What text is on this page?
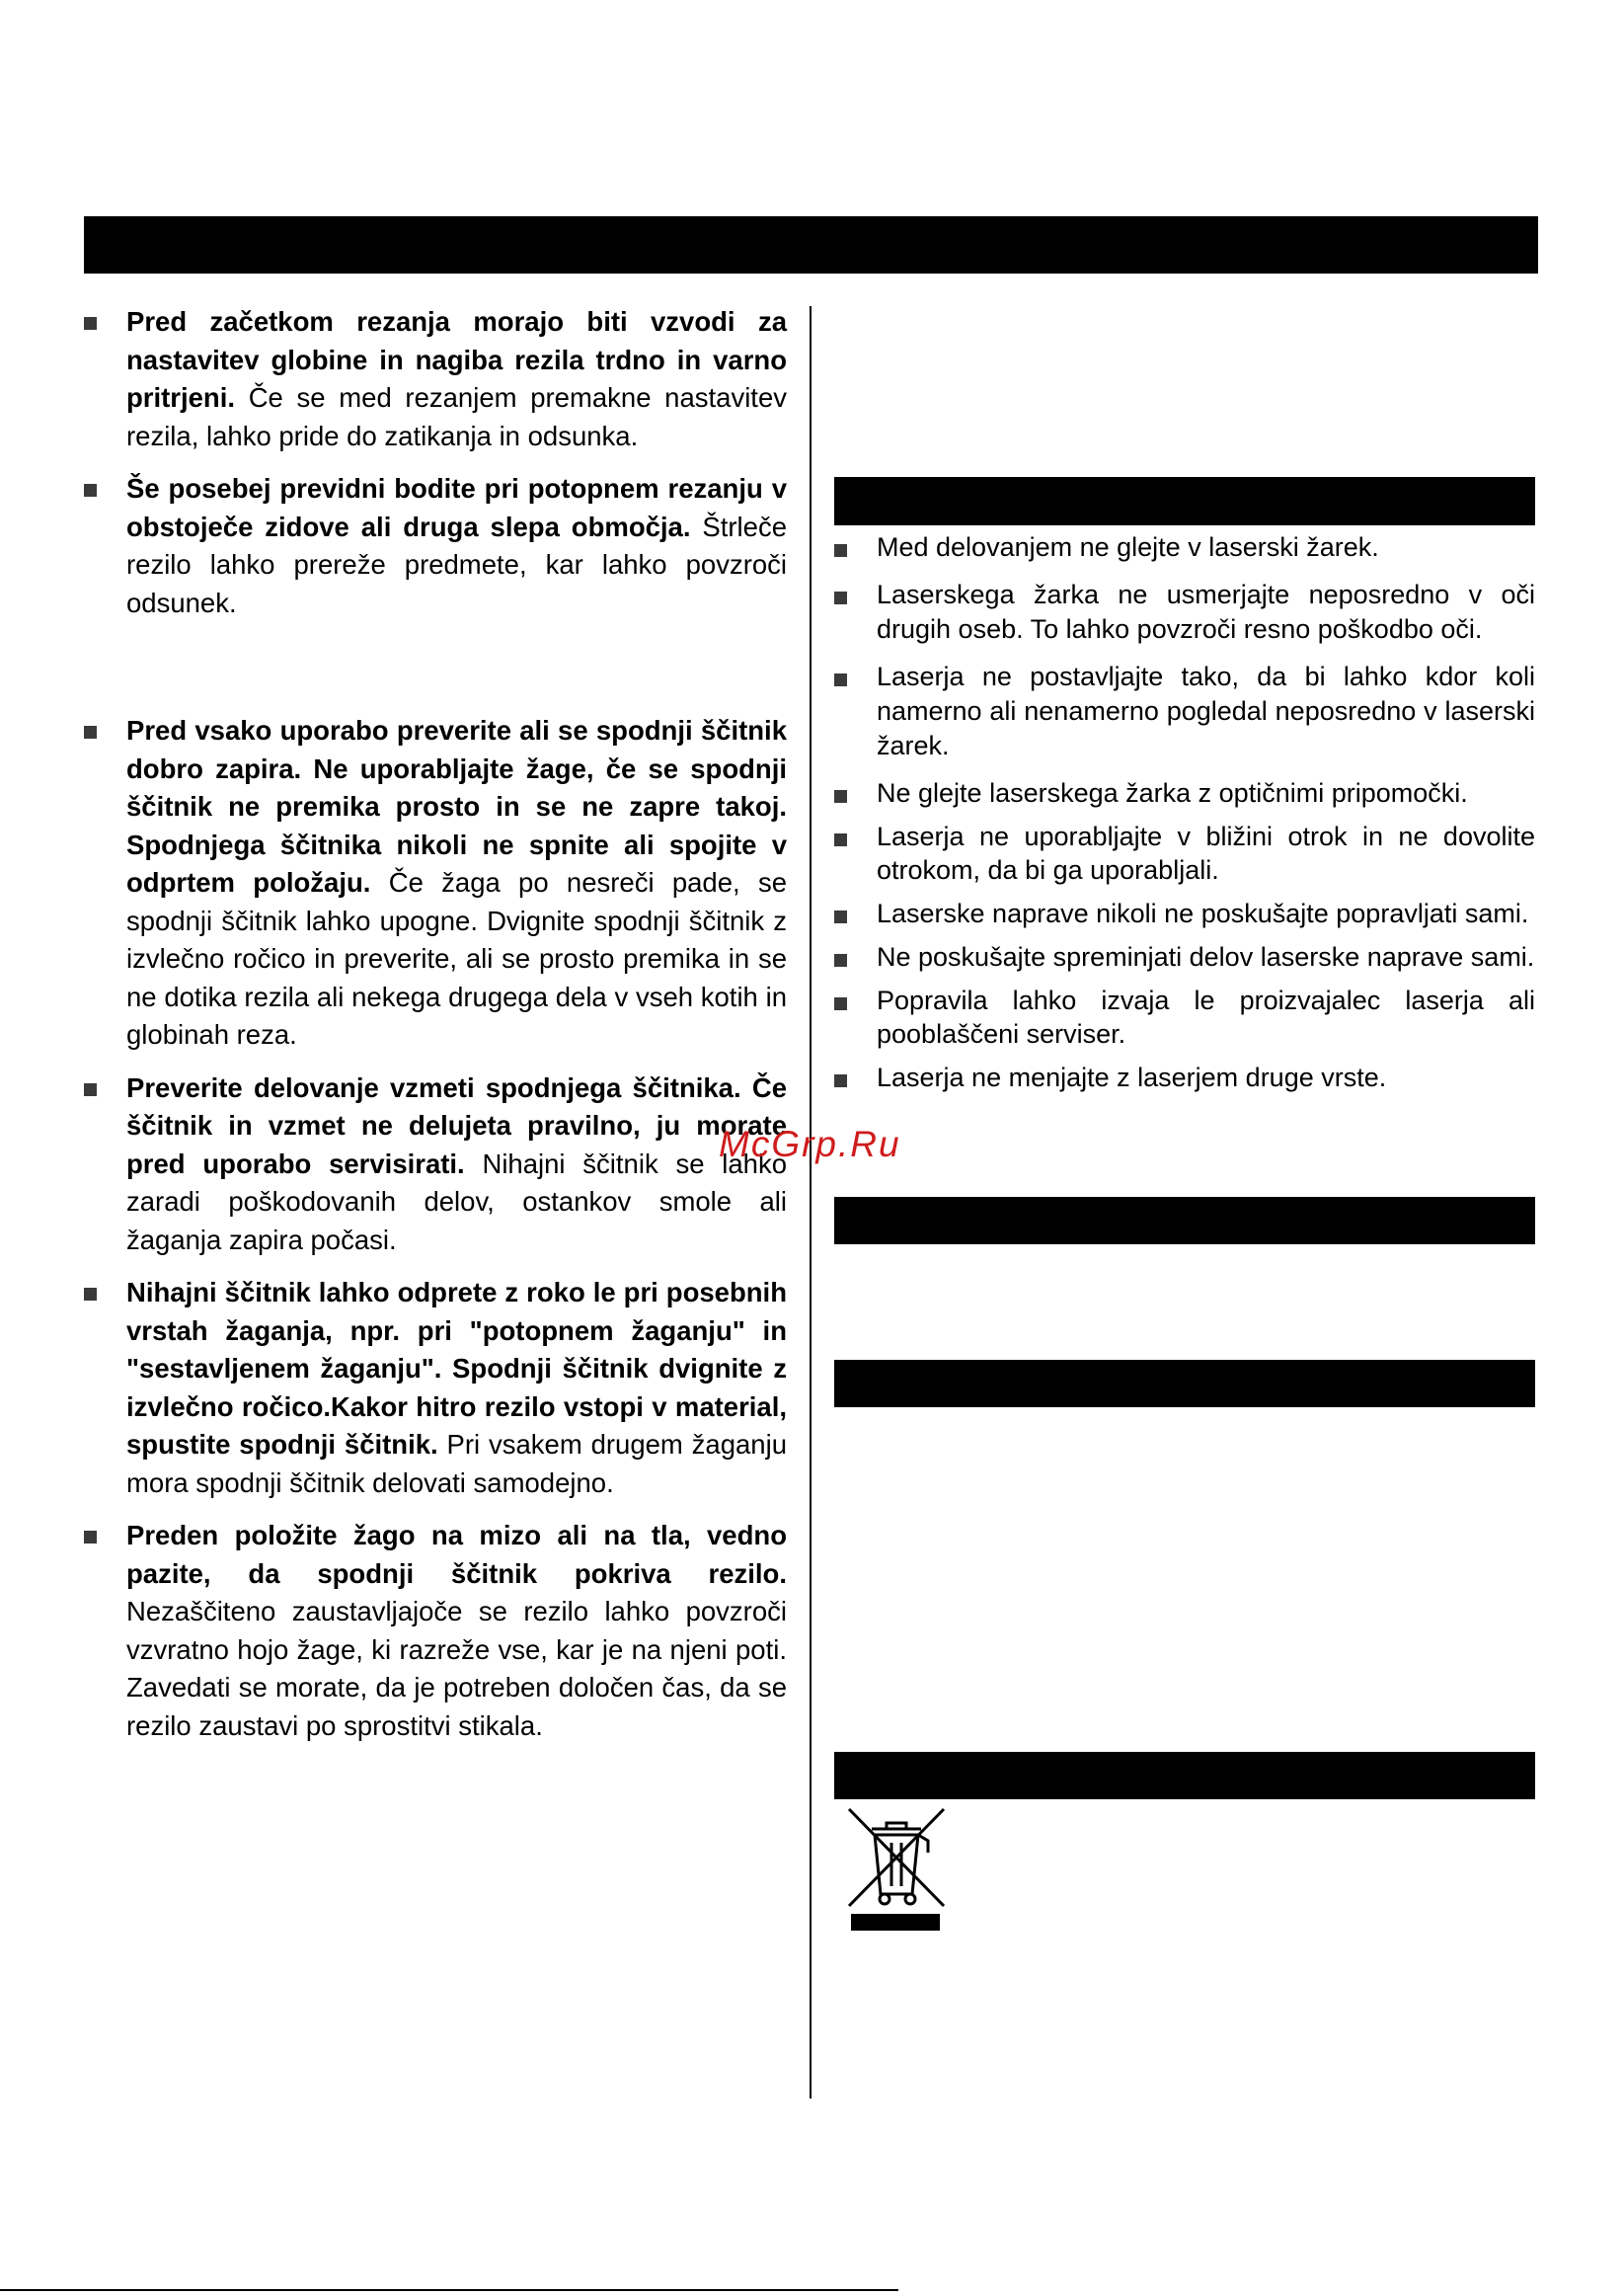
Pred začetkom rezanja morajo biti vzvodi za nastavitev globine in nagiba rezila trdno in varno pritrjeni. Če se med rezanjem premakne nastavitev rezila, lahko pride do zatikanja in odsunka.
Še posebej previdni bodite pri potopnem rezanju v obstoječe zidove ali druga slepa območja. Štrleče rezilo lahko prereže predmete, kar lahko povzroči odsunek.
Pred vsako uporabo preverite ali se spodnji ščitnik dobro zapira. Ne uporabljajte žage, če se spodnji ščitnik ne premika prosto in se ne zapre takoj. Spodnjega ščitnika nikoli ne spnite ali spojite v odprtem položaju. Če žaga po nesreči pade, se spodnji ščitnik lahko upogne. Dvignite spodnji ščitnik z izvlečno ročico in preverite, ali se prosto premika in se ne dotika rezila ali nekega drugega dela v vseh kotih in globinah reza.
Preverite delovanje vzmeti spodnjega ščitnika. Če ščitnik in vzmet ne delujeta pravilno, ju morate pred uporabo servisirati. Nihajni ščitnik se lahko zaradi poškodovanih delov, ostankov smole ali žaganja zapira počasi.
Nihajni ščitnik lahko odprete z roko le pri posebnih vrstah žaganja, npr. pri "potopnem žaganju" in "sestavljenem žaganju". Spodnji ščitnik dvignite z izvlečno ročico.Kakor hitro rezilo vstopi v material, spustite spodnji ščitnik. Pri vsakem drugem žaganju mora spodnji ščitnik delovati samodejno.
Preden položite žago na mizo ali na tla, vedno pazite, da spodnji ščitnik pokriva rezilo. Nezaščiteno zaustavljajoče se rezilo lahko povzroči vzvratno hojo žage, ki razreže vse, kar je na njeni poti. Zavedati se morate, da je potreben določen čas, da se rezilo zaustavi po sprostitvi stikala.
Med delovanjem ne glejte v laserski žarek.
Laserskega žarka ne usmerjajte neposredno v oči drugih oseb. To lahko povzroči resno poškodbo oči.
Laserja ne postavljajte tako, da bi lahko kdor koli namerno ali nenamerno pogledal neposredno v laserski žarek.
Ne glejte laserskega žarka z optičnimi pripomočki.
Laserja ne uporabljajte v bližini otrok in ne dovolite otrokom, da bi ga uporabljali.
Laserske naprave nikoli ne poskušajte popravljati sami.
Ne poskušajte spreminjati delov laserske naprave sami.
Popravila lahko izvaja le proizvajalec laserja ali pooblaščeni serviser.
Laserja ne menjajte z laserjem druge vrste.
McGrp.Ru
